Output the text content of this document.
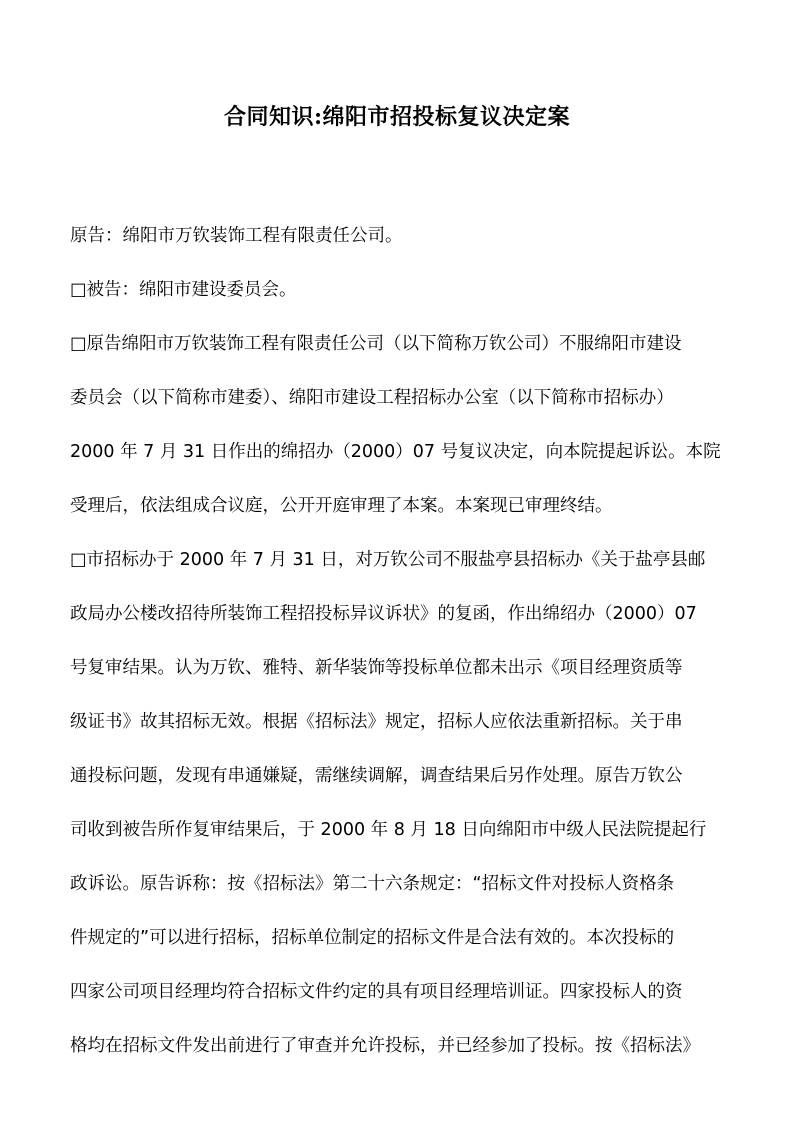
合同知识:绵阳市招投标复议决定案
原告：绵阳市万钦装饰工程有限责任公司。
□被告：绵阳市建设委员会。
□原告绵阳市万钦装饰工程有限责任公司（以下简称万钦公司）不服绵阳市建设
委员会（以下简称市建委）、绵阳市建设工程招标办公室（以下简称市招标办）
2000 年 7 月 31 日作出的绵招办（2000）07 号复议决定，向本院提起诉讼。本院
受理后，依法组成合议庭，公开开庭审理了本案。本案现已审理终结。
□市招标办于 2000 年 7 月 31 日，对万钦公司不服盐亭县招标办《关于盐亭县邮
政局办公楼改招待所装饰工程招投标异议诉状》的复函，作出绵绍办（2000）07
号复审结果。认为万钦、雅特、新华装饰等投标单位都未出示《项目经理资质等
级证书》故其招标无效。根据《招标法》规定，招标人应依法重新招标。关于串
通投标问题，发现有串通嫌疑，需继续调解，调查结果后另作处理。原告万钦公
司收到被告所作复审结果后，于 2000 年 8 月 18 日向绵阳市中级人民法院提起行
政诉讼。原告诉称：按《招标法》第二十六条规定：“招标文件对投标人资格条
件规定的”可以进行招标，招标单位制定的招标文件是合法有效的。本次投标的
四家公司项目经理均符合招标文件约定的具有项目经理培训证。四家投标人的资
格均在招标文件发出前进行了审查并允许投标，并已经参加了投标。按《招标法》
